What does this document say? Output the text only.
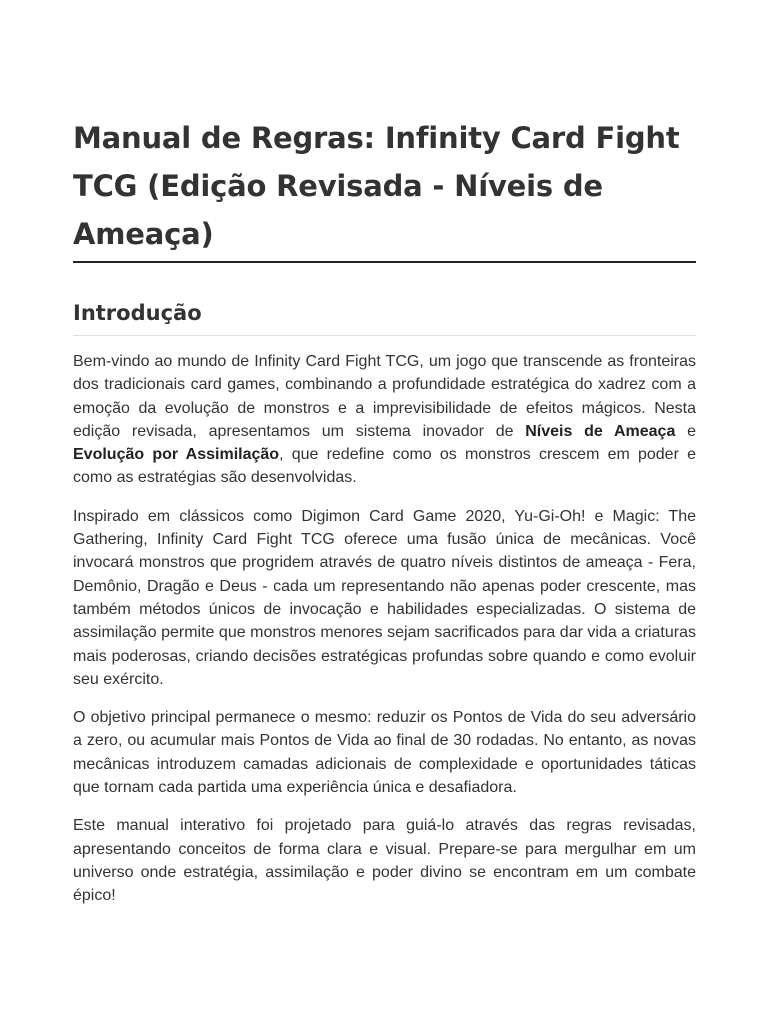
Manual de Regras: Infinity Card Fight TCG (Edição Revisada - Níveis de Ameaça)
Introdução

Bem-vindo ao mundo de Infinity Card Fight TCG, um jogo que transcende as fronteiras dos tradicionais card games, combinando a profundidade estratégica do xadrez com a emoção da evolução de monstros e a imprevisibilidade de efeitos mágicos. Nesta edição revisada, apresentamos um sistema inovador de Níveis de Ameaça e Evolução por Assimilação, que redefine como os monstros crescem em poder e como as estratégias são desenvolvidas.

Inspirado em clássicos como Digimon Card Game 2020, Yu-Gi-Oh! e Magic: The Gathering, Infinity Card Fight TCG oferece uma fusão única de mecânicas. Você invocará monstros que progridem através de quatro níveis distintos de ameaça - Fera, Demônio, Dragão e Deus - cada um representando não apenas poder crescente, mas também métodos únicos de invocação e habilidades especializadas. O sistema de assimilação permite que monstros menores sejam sacrificados para dar vida a criaturas mais poderosas, criando decisões estratégicas profundas sobre quando e como evoluir seu exército.

O objetivo principal permanece o mesmo: reduzir os Pontos de Vida do seu adversário a zero, ou acumular mais Pontos de Vida ao final de 30 rodadas. No entanto, as novas mecânicas introduzem camadas adicionais de complexidade e oportunidades táticas que tornam cada partida uma experiência única e desafiadora.

Este manual interativo foi projetado para guiá-lo através das regras revisadas, apresentando conceitos de forma clara e visual. Prepare-se para mergulhar em um universo onde estratégia, assimilação e poder divino se encontram em um combate épico!
